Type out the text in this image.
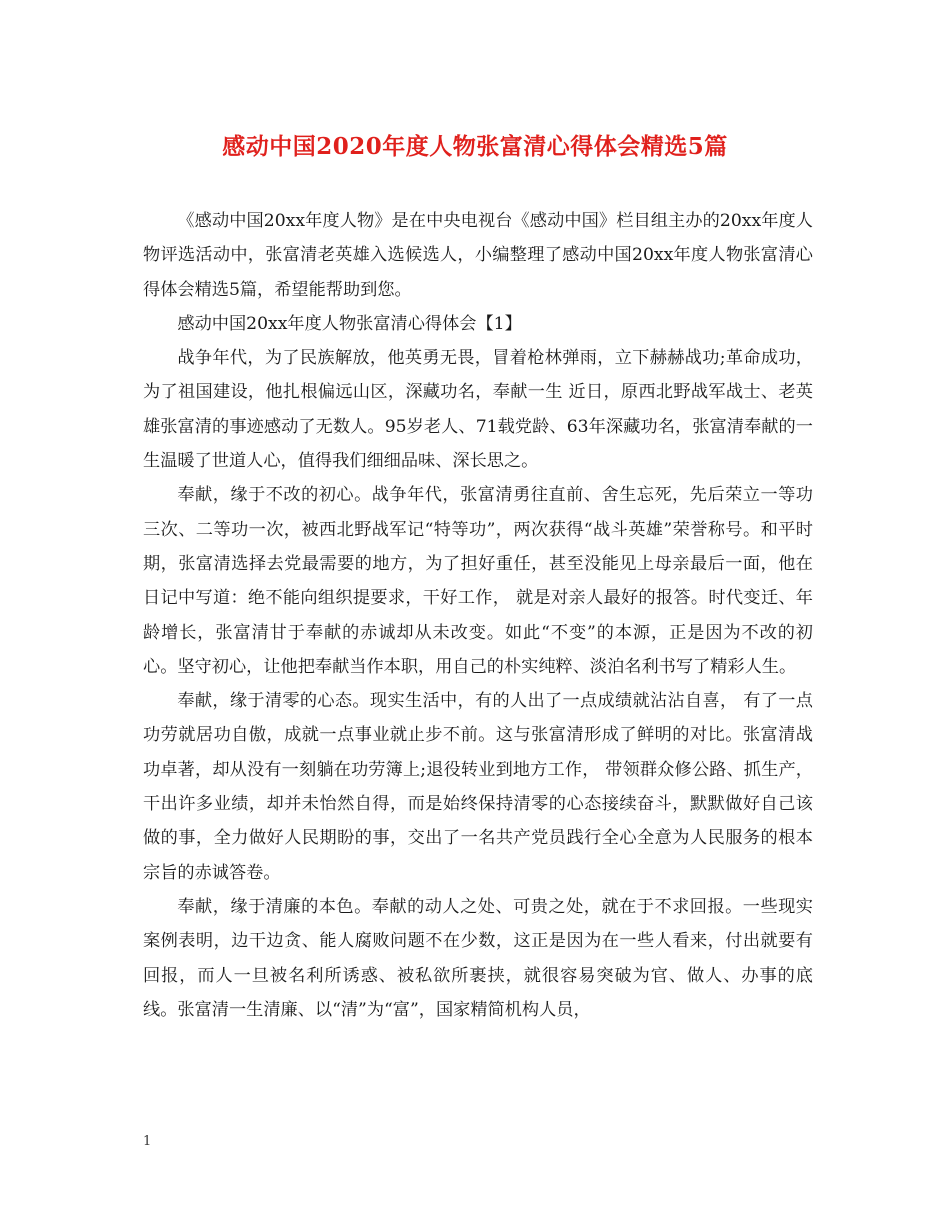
感动中国2020年度人物张富清心得体会精选5篇

《感动中国20xx年度人物》是在中央电视台《感动中国》栏目组主办的20xx年度人物评选活动中，张富清老英雄入选候选人，小编整理了感动中国20xx年度人物张富清心得体会精选5篇，希望能帮助到您。

感动中国20xx年度人物张富清心得体会【1】

战争年代，为了民族解放，他英勇无畏，冒着枪林弹雨，立下赫赫战功;革命成功，为了祖国建设，他扎根偏远山区，深藏功名，奉献一生 近日，原西北野战军战士、老英雄张富清的事迹感动了无数人。95岁老人、71载党龄、63年深藏功名，张富清奉献的一生温暖了世道人心，值得我们细细品味、深长思之。

奉献，缘于不改的初心。战争年代，张富清勇往直前、舍生忘死，先后荣立一等功三次、二等功一次，被西北野战军记“特等功”，两次获得“战斗英雄”荣誉称号。和平时期，张富清选择去党最需要的地方，为了担好重任，甚至没能见上母亲最后一面，他在日记中写道：绝不能向组织提要求，干好工作， 就是对亲人最好的报答。时代变迁、年龄增长，张富清甘于奉献的赤诚却从未改变。如此“不变”的本源，正是因为不改的初心。坚守初心，让他把奉献当作本职，用自己的朴实纯粹、淡泊名利书写了精彩人生。

奉献，缘于清零的心态。现实生活中，有的人出了一点成绩就沾沾自喜， 有了一点功劳就居功自傲，成就一点事业就止步不前。这与张富清形成了鲜明的对比。张富清战功卓著，却从没有一刻躺在功劳簿上;退役转业到地方工作， 带领群众修公路、抓生产，干出许多业绩，却并未怡然自得，而是始终保持清零的心态接续奋斗，默默做好自己该做的事，全力做好人民期盼的事，交出了一名共产党员践行全心全意为人民服务的根本宗旨的赤诚答卷。

奉献，缘于清廉的本色。奉献的动人之处、可贵之处，就在于不求回报。一些现实案例表明，边干边贪、能人腐败问题不在少数，这正是因为在一些人看来，付出就要有回报，而人一旦被名利所诱惑、被私欲所裹挟，就很容易突破为官、做人、办事的底线。张富清一生清廉、以“清”为“富”，国家精简机构人员，

1
